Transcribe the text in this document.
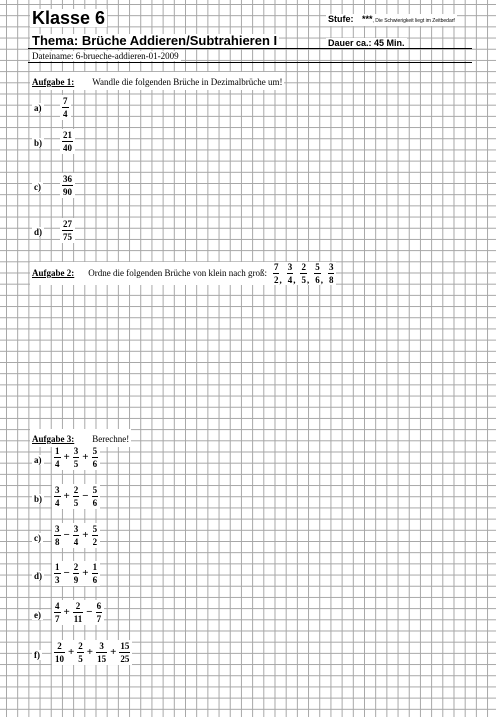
Klasse 6	Stufe: ***, Die Schwierigkeit liegt im Zeitbedarf
Thema: Brüche Addieren/Subtrahieren I	Dauer ca.: 45 Min.
Dateiname: 6-brueche-addieren-01-2009
Aufgabe 1: Wandle die folgenden Brüche in Dezimalbrüche um!
$a) \frac{7}{4}$
$b) \frac{21}{40}$
$c) \frac{36}{90}$
$d) \frac{27}{75}$
Aufgabe 2: Ordne die folgenden Brüche von klein nach groß: $\frac{7}{2}$ , $\frac{3}{4}$ , $\frac{2}{5}$ , $\frac{5}{6}$ , $\frac{3}{8}$
Aufgabe 3: Berechne!
$a) \frac{1}{4} + \frac{3}{5} + \frac{5}{6}$
$b) \frac{3}{4} + \frac{2}{5} - \frac{5}{6}$
$c) \frac{3}{8} - \frac{3}{4} + \frac{5}{2}$
$d) \frac{1}{3} - \frac{2}{9} + \frac{1}{6}$
$e) \frac{4}{7} + \frac{2}{11} - \frac{6}{7}$
$f) \frac{2}{10} + \frac{2}{5} + \frac{3}{15} + \frac{15}{25}$
